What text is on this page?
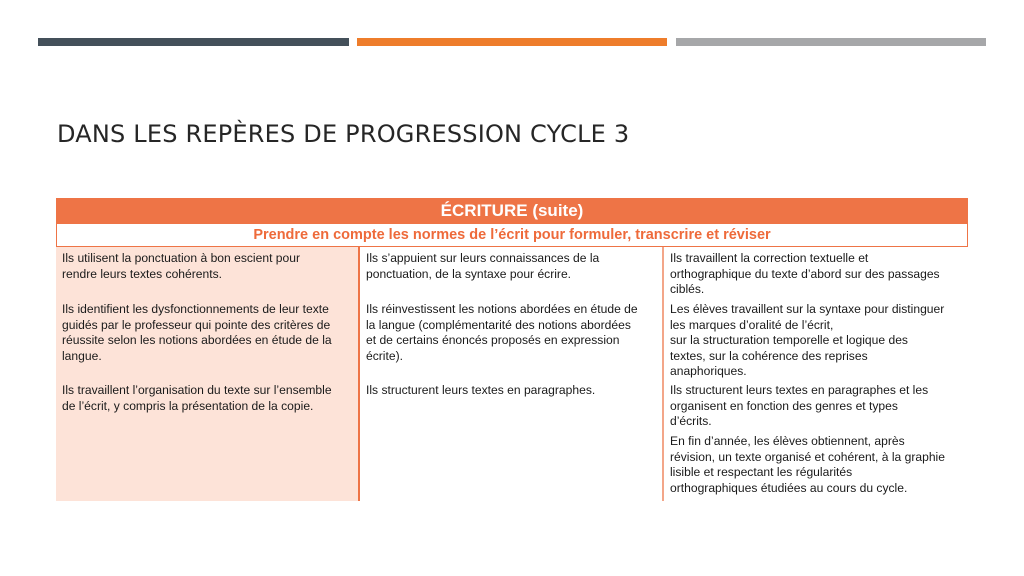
DANS LES REPÈRES DE PROGRESSION CYCLE 3
ÉCRITURE (suite)
Prendre en compte les normes de l’écrit pour formuler, transcrire et réviser

Ils utilisent la ponctuation à bon escient pour
rendre leurs textes cohérents.

Ils identifient les dysfonctionnements de leur texte
guidés par le professeur qui pointe des critères de
réussite selon les notions abordées en étude de la
langue.

Ils travaillent l’organisation du texte sur l’ensemble
de l’écrit, y compris la présentation de la copie.

Ils s’appuient sur leurs connaissances de la
ponctuation, de la syntaxe pour écrire.

Ils réinvestissent les notions abordées en étude de
la langue (complémentarité des notions abordées
et de certains énoncés proposés en expression
écrite).

Ils structurent leurs textes en paragraphes.

Ils travaillent la correction textuelle et
orthographique du texte d’abord sur des passages
ciblés.

Les élèves travaillent sur la syntaxe pour distinguer
les marques d’oralité de l’écrit,
sur la structuration temporelle et logique des
textes, sur la cohérence des reprises
anaphoriques.

Ils structurent leurs textes en paragraphes et les
organisent en fonction des genres et types
d’écrits.

En fin d’année, les élèves obtiennent, après
révision, un texte organisé et cohérent, à la graphie
lisible et respectant les régularités
orthographiques étudiées au cours du cycle.
